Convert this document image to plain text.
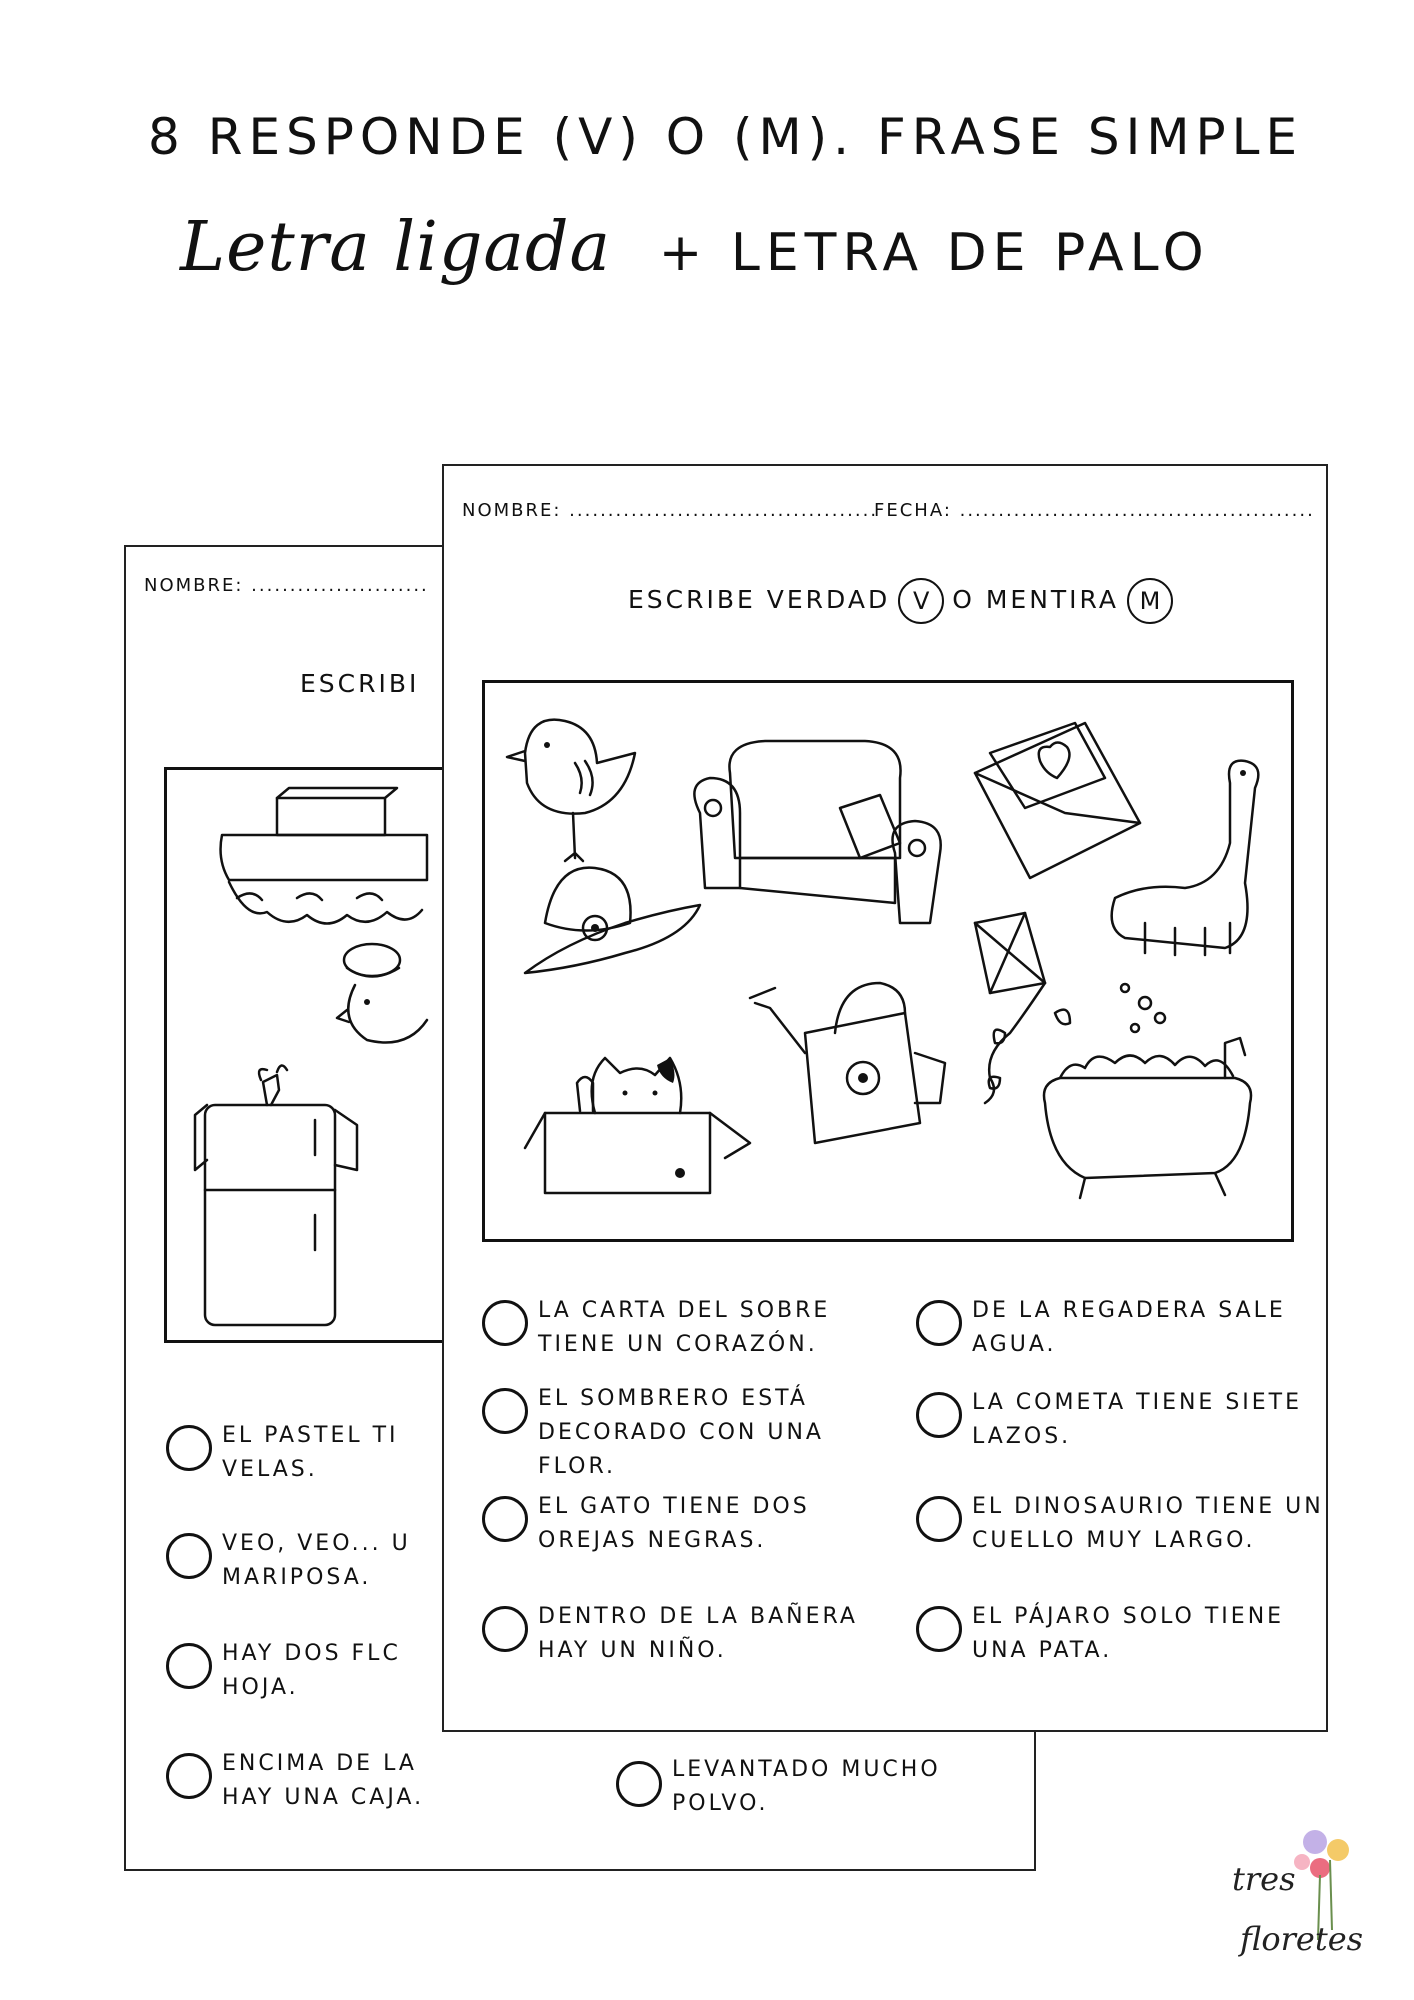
8 RESPONDE (V) O (M). FRASE SIMPLE
Letra ligada + LETRA DE PALO
NOMBRE: .......................
ESCRIBI
EL PASTEL TI
VELAS.
VEO, VEO... U
MARIPOSA.
HAY DOS FLC
HOJA.
ENCIMA DE LA
HAY UNA CAJA.
LEVANTADO MUCHO
POLVO.
NOMBRE: ........................................
FECHA: ..............................................
ESCRIBE VERDAD V O MENTIRA M
LA CARTA DEL SOBRE
TIENE UN CORAZÓN.
EL SOMBRERO ESTÁ
DECORADO CON UNA FLOR.
EL GATO TIENE DOS
OREJAS NEGRAS.
DENTRO DE LA BAÑERA
HAY UN NIÑO.
DE LA REGADERA SALE
AGUA.
LA COMETA TIENE SIETE
LAZOS.
EL DINOSAURIO TIENE UN
CUELLO MUY LARGO.
EL PÁJARO SOLO TIENE
UNA PATA.
tres
floretes
